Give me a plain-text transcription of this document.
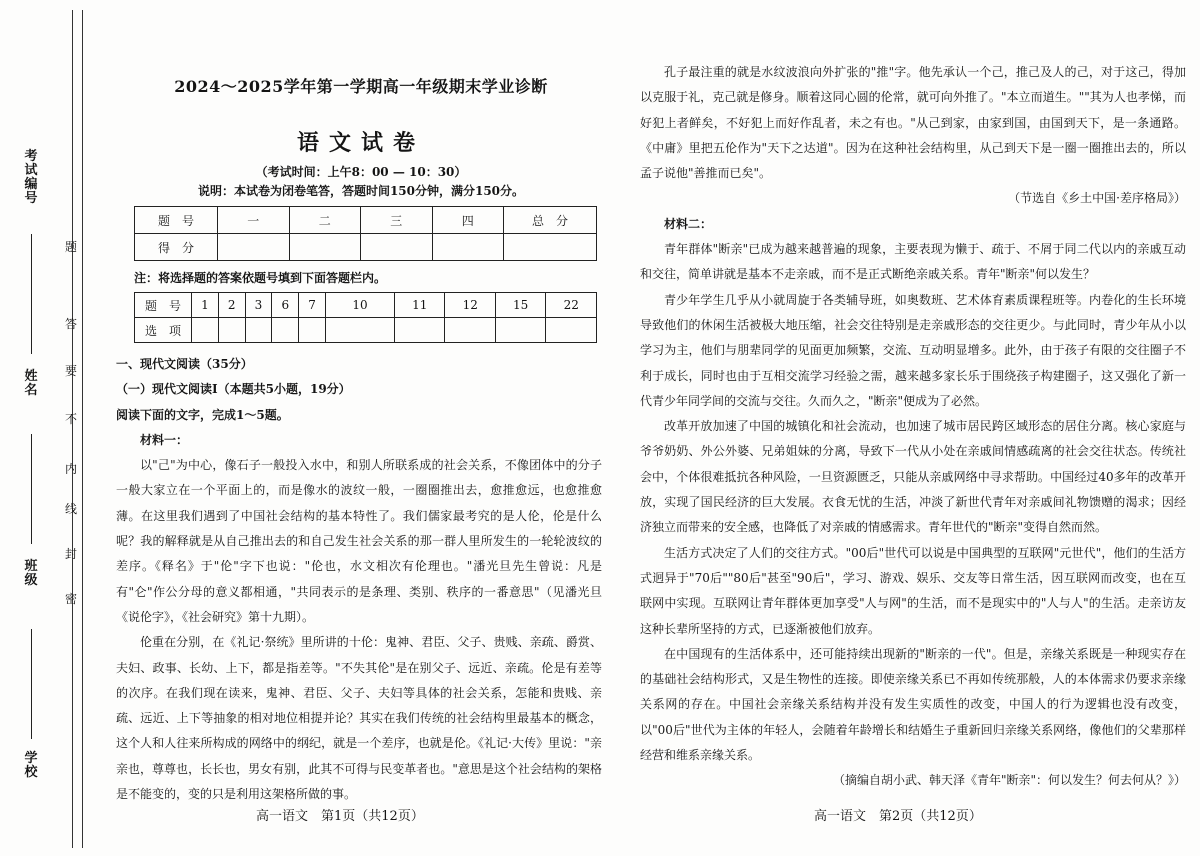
考试编号
姓 名
班 级
学 校
题
答
要
不
内
线
封
密
2024～2025学年第一学期高一年级期末学业诊断
语文试卷
（考试时间：上午8：00 — 10：30）
说明：本试卷为闭卷笔答，答题时间150分钟，满分150分。
题　号	一	二	三	四	总　分
得　分					
注：将选择题的答案依题号填到下面答题栏内。
题　号	1	2	3	6	7	10	11	12	15	22
选　项										

一、现代文阅读（35分）

（一）现代文阅读Ⅰ（本题共5小题，19分）

阅读下面的文字，完成1～5题。

材料一：

以"己"为中心，像石子一般投入水中，和别人所联系成的社会关系，不像团体中的分子一般大家立在一个平面上的，而是像水的波纹一般，一圈圈推出去，愈推愈远，也愈推愈薄。在这里我们遇到了中国社会结构的基本特性了。我们儒家最考究的是人伦，伦是什么呢？我的解释就是从自己推出去的和自己发生社会关系的那一群人里所发生的一轮轮波纹的差序。《释名》于"伦"字下也说："伦也，水文相次有伦理也。"潘光旦先生曾说：凡是有"仑"作公分母的意义都相通，"共同表示的是条理、类别、秩序的一番意思"（见潘光旦《说伦字》，《社会研究》第十九期）。

伦重在分别，在《礼记·祭统》里所讲的十伦：鬼神、君臣、父子、贵贱、亲疏、爵赏、夫妇、政事、长幼、上下，都是指差等。"不失其伦"是在别父子、远近、亲疏。伦是有差等的次序。在我们现在读来，鬼神、君臣、父子、夫妇等具体的社会关系，怎能和贵贱、亲疏、远近、上下等抽象的相对地位相提并论？其实在我们传统的社会结构里最基本的概念，这个人和人往来所构成的网络中的纲纪，就是一个差序，也就是伦。《礼记·大传》里说："亲亲也，尊尊也，长长也，男女有别，此其不可得与民变革者也。"意思是这个社会结构的架格是不能变的，变的只是利用这架格所做的事。

高一语文　第1页（共12页）

孔子最注重的就是水纹波浪向外扩张的"推"字。他先承认一个己，推己及人的己，对于这己，得加以克服于礼，克己就是修身。顺着这同心圆的伦常，就可向外推了。"本立而道生。""其为人也孝悌，而好犯上者鲜矣，不好犯上而好作乱者，未之有也。"从己到家，由家到国，由国到天下，是一条通路。《中庸》里把五伦作为"天下之达道"。因为在这种社会结构里，从己到天下是一圈一圈推出去的，所以孟子说他"善推而已矣"。

（节选自《乡土中国·差序格局》）

材料二：

青年群体"断亲"已成为越来越普遍的现象，主要表现为懒于、疏于、不屑于同二代以内的亲戚互动和交往，简单讲就是基本不走亲戚，而不是正式断绝亲戚关系。青年"断亲"何以发生？

青少年学生几乎从小就周旋于各类辅导班，如奥数班、艺术体育素质课程班等。内卷化的生长环境导致他们的休闲生活被极大地压缩，社会交往特别是走亲戚形态的交往更少。与此同时，青少年从小以学习为主，他们与朋辈同学的见面更加频繁，交流、互动明显增多。此外，由于孩子有限的交往圈子不利于成长，同时也由于互相交流学习经验之需，越来越多家长乐于围绕孩子构建圈子，这又强化了新一代青少年同学间的交流与交往。久而久之，"断亲"便成为了必然。

改革开放加速了中国的城镇化和社会流动，也加速了城市居民跨区域形态的居住分离。核心家庭与爷爷奶奶、外公外婆、兄弟姐妹的分离，导致下一代从小处在亲戚间情感疏离的社会交往状态。传统社会中，个体很难抵抗各种风险，一旦资源匮乏，只能从亲戚网络中寻求帮助。中国经过40多年的改革开放，实现了国民经济的巨大发展。衣食无忧的生活，冲淡了新世代青年对亲戚间礼物馈赠的渴求；因经济独立而带来的安全感，也降低了对亲戚的情感需求。青年世代的"断亲"变得自然而然。

生活方式决定了人们的交往方式。"00后"世代可以说是中国典型的互联网"元世代"，他们的生活方式迥异于"70后""80后"甚至"90后"，学习、游戏、娱乐、交友等日常生活，因互联网而改变，也在互联网中实现。互联网让青年群体更加享受"人与网"的生活，而不是现实中的"人与人"的生活。走亲访友这种长辈所坚持的方式，已逐渐被他们放弃。

在中国现有的生活体系中，还可能持续出现新的"断亲的一代"。但是，亲缘关系既是一种现实存在的基础社会结构形式，又是生物性的连接。即使亲缘关系已不再如传统那般，人的本体需求仍要求亲缘关系网的存在。中国社会亲缘关系结构并没有发生实质性的改变，中国人的行为逻辑也没有改变，以"00后"世代为主体的年轻人，会随着年龄增长和结婚生子重新回归亲缘关系网络，像他们的父辈那样经营和维系亲缘关系。

（摘编自胡小武、韩天泽《青年"断亲"：何以发生？何去何从？》）

高一语文　第2页（共12页）
